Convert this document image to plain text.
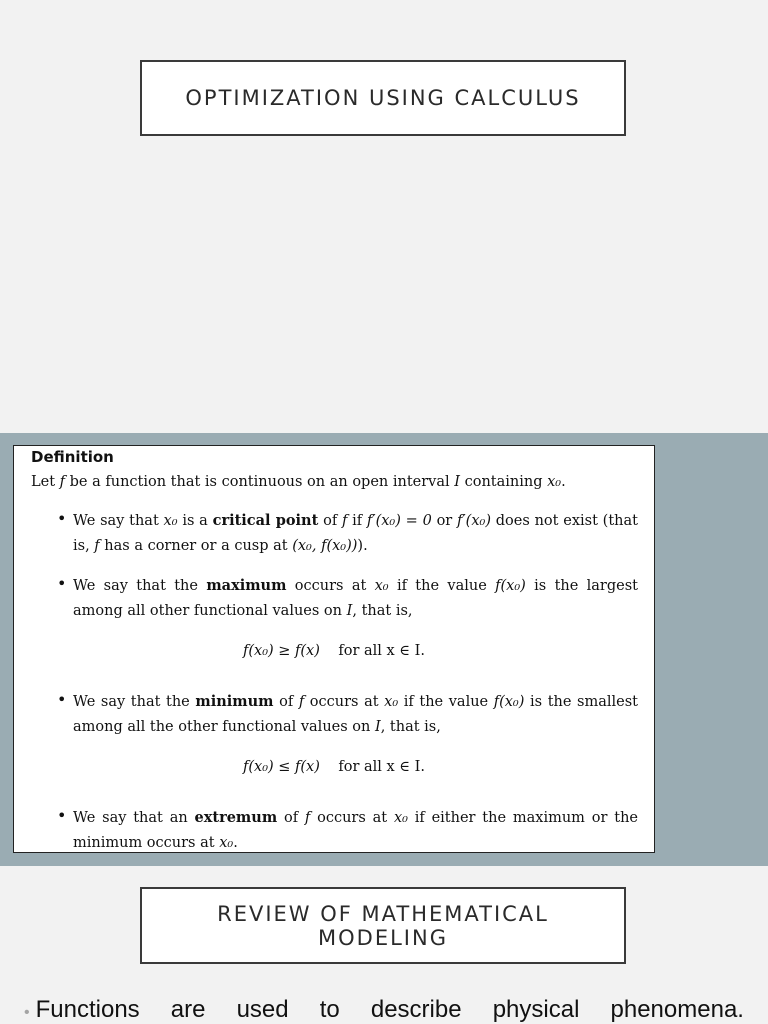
OPTIMIZATION USING CALCULUS
Definition
Let f be a function that is continuous on an open interval I containing x₀.
• We say that x₀ is a critical point of f if f′(x₀) = 0 or f′(x₀) does not exist (that is, f has a corner or a cusp at (x₀, f(x₀))).
• We say that the maximum occurs at x₀ if the value f(x₀) is the largest among all other functional values on I, that is,
f(x₀) ≥ f(x) for all x ∈ I.
• We say that the minimum of f occurs at x₀ if the value f(x₀) is the smallest among all the other functional values on I, that is,
f(x₀) ≤ f(x) for all x ∈ I.
• We say that an extremum of f occurs at x₀ if either the maximum or the minimum occurs at x₀.
REVIEW OF MATHEMATICAL MODELING
• Functions are used to describe physical phenomena.
